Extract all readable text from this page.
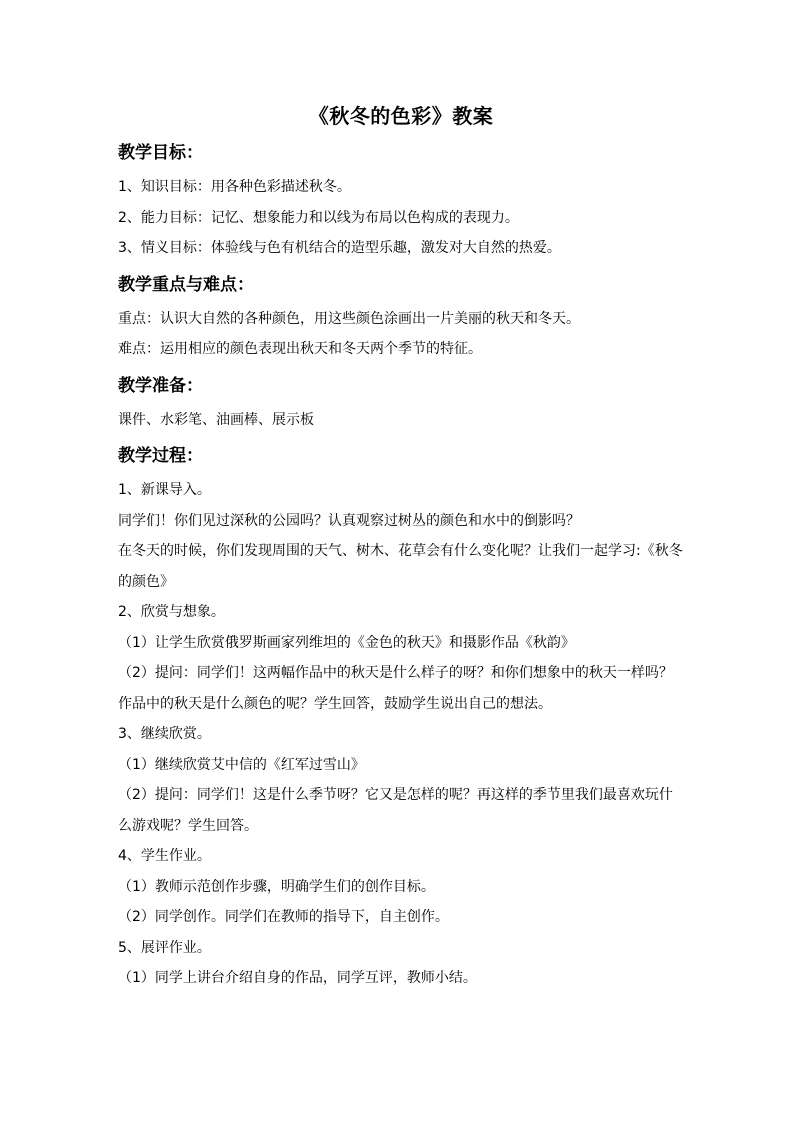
《秋冬的色彩》教案
教学目标：

1、知识目标：用各种色彩描述秋冬。

2、能力目标：记忆、想象能力和以线为布局以色构成的表现力。

3、情义目标：体验线与色有机结合的造型乐趣，激发对大自然的热爱。

教学重点与难点：

重点：认识大自然的各种颜色，用这些颜色涂画出一片美丽的秋天和冬天。

难点：运用相应的颜色表现出秋天和冬天两个季节的特征。

教学准备：

课件、水彩笔、油画棒、展示板

教学过程：

1、新课导入。

同学们！你们见过深秋的公园吗？认真观察过树丛的颜色和水中的倒影吗？

在冬天的时候，你们发现周围的天气、树木、花草会有什么变化呢？让我们一起学习:《秋冬的颜色》

2、欣赏与想象。

（1）让学生欣赏俄罗斯画家列维坦的《金色的秋天》和摄影作品《秋韵》

（2）提问：同学们！这两幅作品中的秋天是什么样子的呀？和你们想象中的秋天一样吗？作品中的秋天是什么颜色的呢？学生回答，鼓励学生说出自己的想法。

3、继续欣赏。

（1）继续欣赏艾中信的《红军过雪山》

（2）提问：同学们！这是什么季节呀？它又是怎样的呢？再这样的季节里我们最喜欢玩什么游戏呢？学生回答。

4、学生作业。

（1）教师示范创作步骤，明确学生们的创作目标。

（2）同学创作。同学们在教师的指导下，自主创作。

5、展评作业。

（1）同学上讲台介绍自身的作品，同学互评，教师小结。
